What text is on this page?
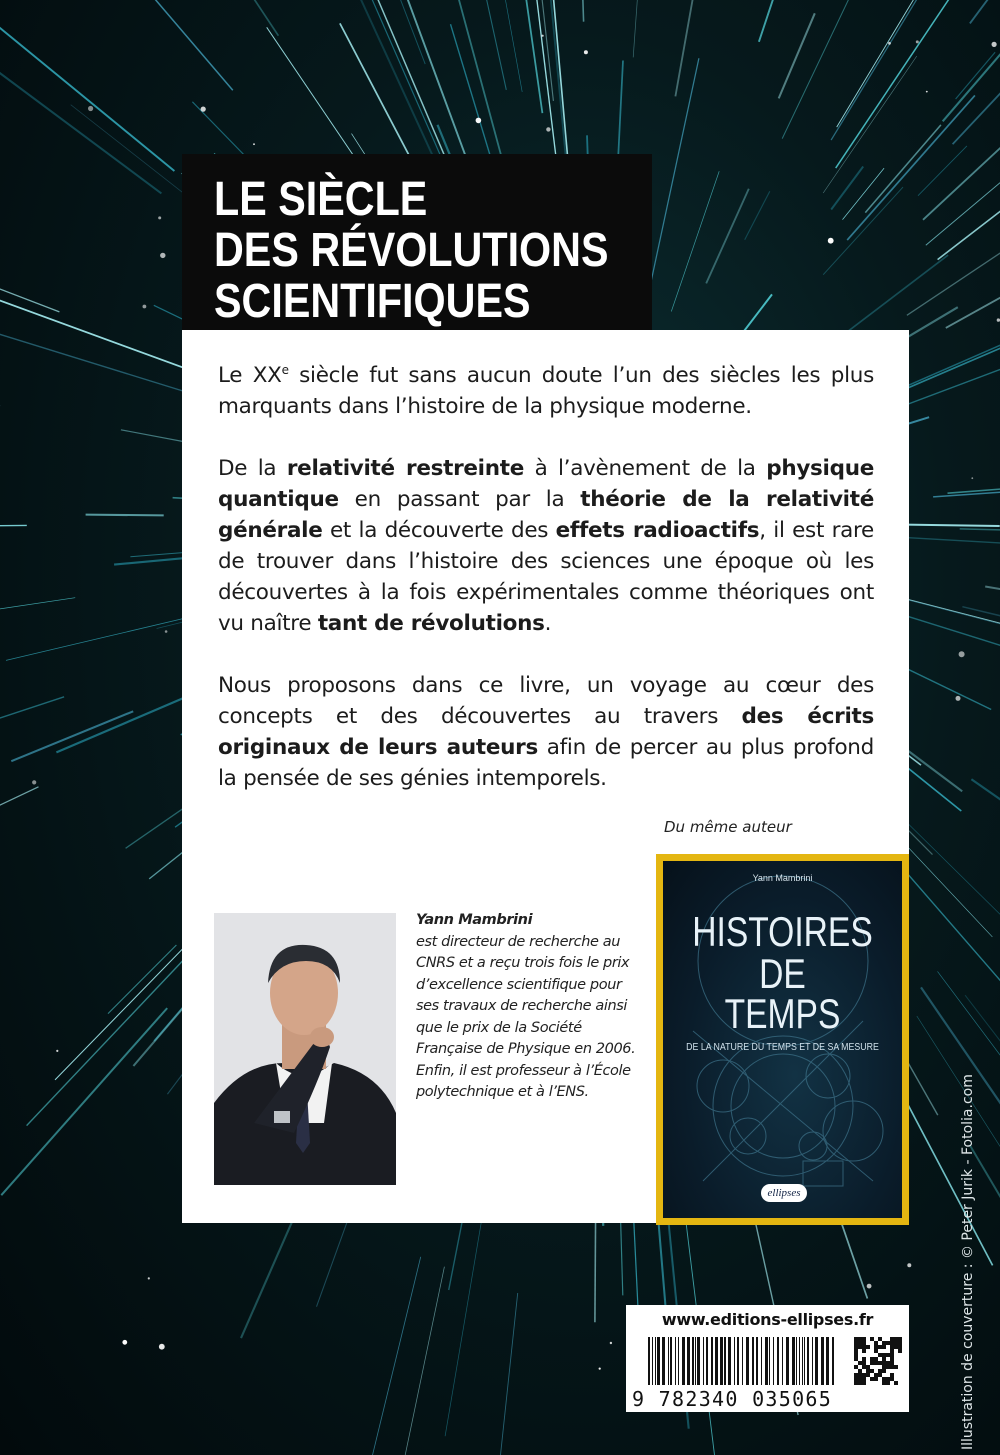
LE SIÈCLE
DES RÉVOLUTIONS
SCIENTIFIQUES

Le XXe siècle fut sans aucun doute l’un des siècles les plus marquants dans l’histoire de la physique moderne.

De la relativité restreinte à l’avènement de la physique quantique en passant par la théorie de la relativité générale et la découverte des effets radioactifs, il est rare de trouver dans l’histoire des sciences une époque où les découvertes à la fois expérimentales comme théoriques ont vu naître tant de révolutions.

Nous proposons dans ce livre, un voyage au cœur des concepts et des découvertes au travers des écrits originaux de leurs auteurs afin de percer au plus profond la pensée de ses génies intemporels.

Du même auteur
Yann Mambrini
est directeur de recherche au CNRS et a reçu trois fois le prix d’excellence scientifique pour ses travaux de recherche ainsi que le prix de la Société Française de Physique en 2006. Enfin, il est professeur à l’École polytechnique et à l’ENS.
Yann Mambrini
HISTOIRES
DE
TEMPS
DE LA NATURE DU TEMPS ET DE SA MESURE
ellipses
www.editions-ellipses.fr
9 782340 035065	Illustration de couverture : © Peter Jurik - Fotolia.com
